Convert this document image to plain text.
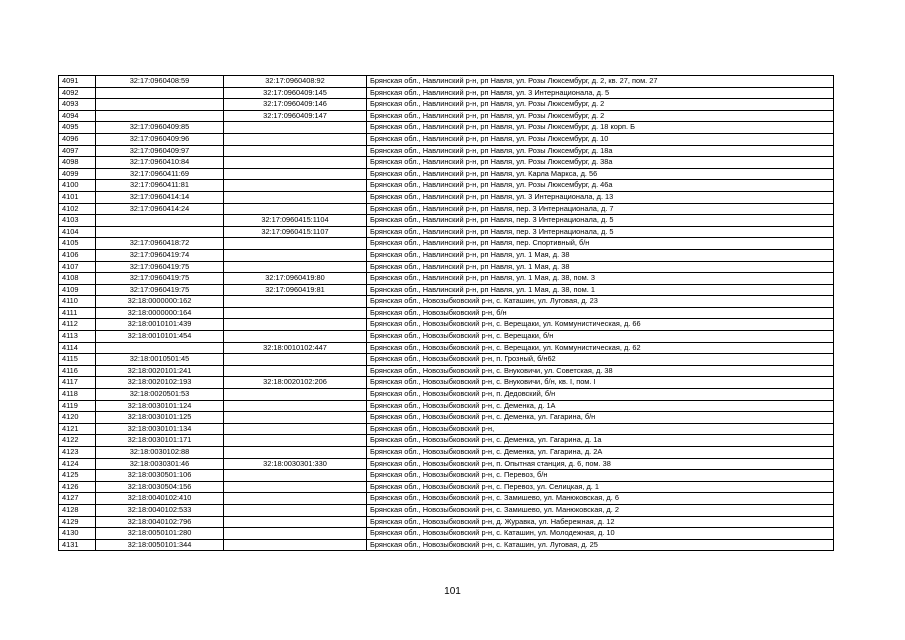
4091	32:17:0960408:59	32:17:0960408:92	Брянская обл., Навлинский р-н, рп Навля, ул. Розы Люксембург, д. 2, кв. 27, пом. 27
4092		32:17:0960409:145	Брянская обл., Навлинский р-н, рп Навля, ул. 3 Интернационала, д. 5
4093		32:17:0960409:146	Брянская обл., Навлинский р-н, рп Навля, ул. Розы Люксембург, д. 2
4094		32:17:0960409:147	Брянская обл., Навлинский р-н, рп Навля, ул. Розы Люксембург, д. 2
4095	32:17:0960409:85		Брянская обл., Навлинский р-н, рп Навля, ул. Розы Люксембург, д. 18 корп. Б
4096	32:17:0960409:96		Брянская обл., Навлинский р-н, рп Навля, ул. Розы Люксембург, д. 10
4097	32:17:0960409:97		Брянская обл., Навлинский р-н, рп Навля, ул. Розы Люксембург, д. 18а
4098	32:17:0960410:84		Брянская обл., Навлинский р-н, рп Навля, ул. Розы Люксембург, д. 38а
4099	32:17:0960411:69		Брянская обл., Навлинский р-н, рп Навля, ул. Карла Маркса, д. 56
4100	32:17:0960411:81		Брянская обл., Навлинский р-н, рп Навля, ул. Розы Люксембург, д. 46а
4101	32:17:0960414:14		Брянская обл., Навлинский р-н, рп Навля, ул. 3 Интернационала, д. 13
4102	32:17:0960414:24		Брянская обл., Навлинский р-н, рп Навля, пер. 3 Интернационала, д. 7
4103		32:17:0960415:1104	Брянская обл., Навлинский р-н, рп Навля, пер. 3 Интернационала, д. 5
4104		32:17:0960415:1107	Брянская обл., Навлинский р-н, рп Навля, пер. 3 Интернационала, д. 5
4105	32:17:0960418:72		Брянская обл., Навлинский р-н, рп Навля, пер. Спортивный, б/н
4106	32:17:0960419:74		Брянская обл., Навлинский р-н, рп Навля, ул. 1 Мая, д. 38
4107	32:17:0960419:75		Брянская обл., Навлинский р-н, рп Навля, ул. 1 Мая, д. 38
4108	32:17:0960419:75	32:17:0960419:80	Брянская обл., Навлинский р-н, рп Навля, ул. 1 Мая, д. 38, пом. 3
4109	32:17:0960419:75	32:17:0960419:81	Брянская обл., Навлинский р-н, рп Навля, ул. 1 Мая, д. 38, пом. 1
4110	32:18:0000000:162		Брянская обл., Новозыбковский р-н, с. Каташин, ул. Луговая, д. 23
4111	32:18:0000000:164		Брянская обл., Новозыбковский р-н, б/н
4112	32:18:0010101:439		Брянская обл., Новозыбковский р-н, с. Верещаки, ул. Коммунистическая, д. 66
4113	32:18:0010101:454		Брянская обл., Новозыбковский р-н, с. Верещаки, б/н
4114		32:18:0010102:447	Брянская обл., Новозыбковский р-н, с. Верещаки, ул. Коммунистическая, д. 62
4115	32:18:0010501:45		Брянская обл., Новозыбковский р-н, п. Грозный, б/н62
4116	32:18:0020101:241		Брянская обл., Новозыбковский р-н, с. Внуковичи, ул. Советская, д. 38
4117	32:18:0020102:193	32:18:0020102:206	Брянская обл., Новозыбковский р-н, с. Внуковичи, б/н, кв. I, пом. I
4118	32:18:0020501:53		Брянская обл., Новозыбковский р-н, п. Дедовский, б/н
4119	32:18:0030101:124		Брянская обл., Новозыбковский р-н, с. Деменка, д. 1А
4120	32:18:0030101:125		Брянская обл., Новозыбковский р-н, с. Деменка, ул. Гагарина, б/н
4121	32:18:0030101:134		Брянская обл., Новозыбковский р-н,
4122	32:18:0030101:171		Брянская обл., Новозыбковский р-н, с. Деменка, ул. Гагарина, д. 1а
4123	32:18:0030102:88		Брянская обл., Новозыбковский р-н, с. Деменка, ул. Гагарина, д. 2А
4124	32:18:0030301:46	32:18:0030301:330	Брянская обл., Новозыбковский р-н, п. Опытная станция, д. 6, пом. 38
4125	32:18:0030501:106		Брянская обл., Новозыбковский р-н, с. Перевоз, б/н
4126	32:18:0030504:156		Брянская обл., Новозыбковский р-н, с. Перевоз, ул. Селицкая, д. 1
4127	32:18:0040102:410		Брянская обл., Новозыбковский р-н, с. Замишево, ул. Манюковская, д. 6
4128	32:18:0040102:533		Брянская обл., Новозыбковский р-н, с. Замишево, ул. Манюковская, д. 2
4129	32:18:0040102:796		Брянская обл., Новозыбковский р-н, д. Журавка, ул. Набережная, д. 12
4130	32:18:0050101:280		Брянская обл., Новозыбковский р-н, с. Каташин, ул. Молодежная, д. 10
4131	32:18:0050101:344		Брянская обл., Новозыбковский р-н, с. Каташин, ул. Луговая, д. 25
101
